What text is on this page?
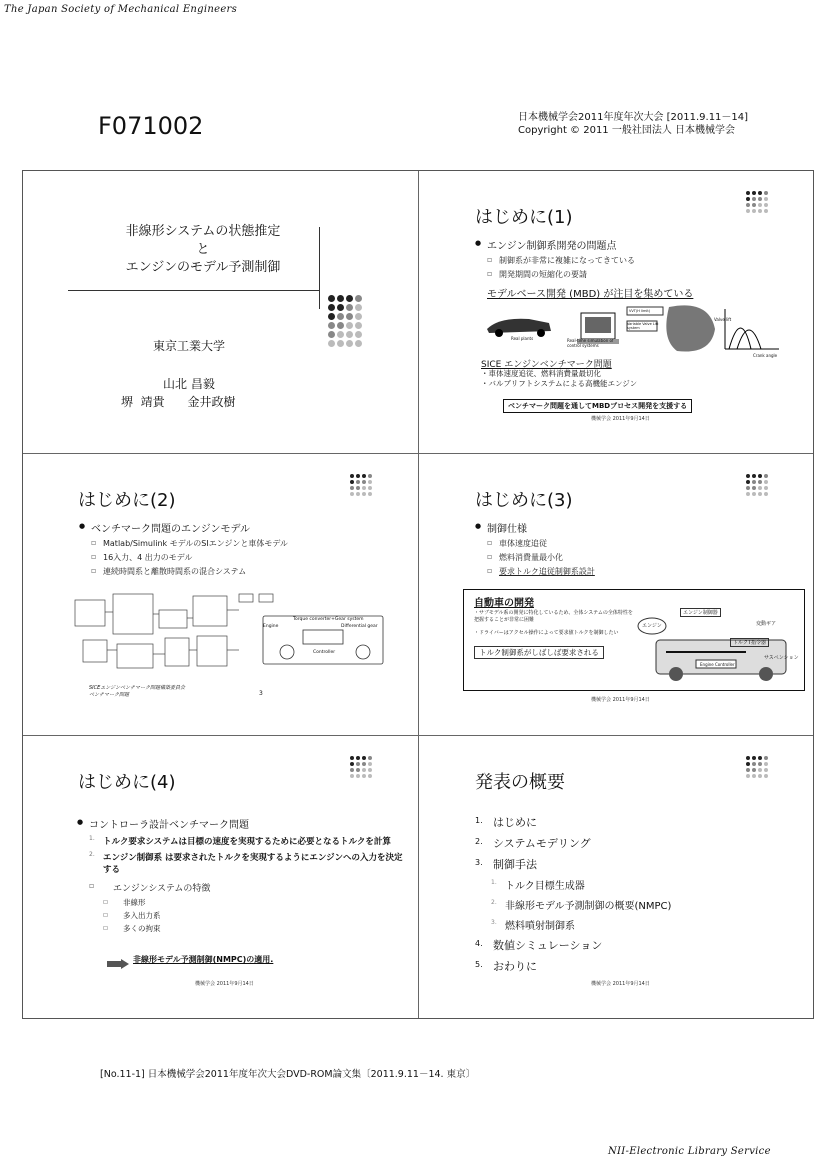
The Japan Society of Mechanical Engineers
F071002	日本機械学会2011年度年次大会 [2011.9.11－14]
Copyright © 2011 一般社団法人 日本機械学会
非線形システムの状態推定
と
エンジンのモデル予測制御
東京工業大学
山北 昌毅
堺  靖貴      金井政樹
はじめに(1)
● エンジン制御系開発の問題点
▫ 制御系が非常に複雑になってきている
▫ 開発期間の短縮化の要請
モデルベース開発 (MBD) が注目を集めている
Real plants	Real-time simulation of control systems
VVT(H limit)
Variable Valve Lift system
Valve lift
Crank angle
SICE エンジンベンチマーク問題
・車体速度追従、燃料消費量最切化
・バルブリフトシステムによる高機能エンジン
ベンチマーク問題を通してMBDプロセス開発を支援する
機械学会 2011年9月14日
はじめに(2)
● ベンチマーク問題のエンジンモデル
▫ Matlab/Simulink モデルのSIエンジンと車体モデル
▫ 16入力、4 出力のモデル
▫ 連続時間系と離散時間系の混合システム
Torque converter+Gear system
Engine	Differential gear
Controller
SICEエンジンベンチマーク問題構築委員会
ベンチマーク問題	3
はじめに(3)
● 制御仕様
▫ 車体速度追従
▫ 燃料消費量最小化
▫ 要求トルク追従制御系設計
自動車の開発
・サブモデル系の開発に特化しているため、全体システムの全体特性を把握することが非常に困難
・ドライバーはアクセル操作によって要求値トルクを制御したい
トルク制御系がしばしば要求される
エンジン制御器
エンジン	変動ギア
トルクT指令器
サスペンション
Engine Controller
機械学会 2011年9月14日
はじめに(4)
● コントローラ設計ベンチマーク問題
1. トルク要求システムは目標の速度を実現するために必要となるトルクを計算
2. エンジン制御系 は要求されたトルクを実現するようにエンジンへの入力を決定する
▫ エンジンシステムの特徴
▫ 非線形
▫ 多入出力系
▫ 多くの拘束
非線形モデル予測制御(NMPC)の適用.
機械学会 2011年9月14日
発表の概要
1. はじめに
2. システムモデリング
3. 制御手法
1. トルク目標生成器
2. 非線形モデル予測制御の概要(NMPC)
3. 燃料噴射制御系
4. 数値シミュレーション
5. おわりに
機械学会 2011年9月14日
[No.11-1] 日本機械学会2011年度年次大会DVD-ROM論文集〔2011.9.11－14. 東京〕
NII-Electronic Library Service
